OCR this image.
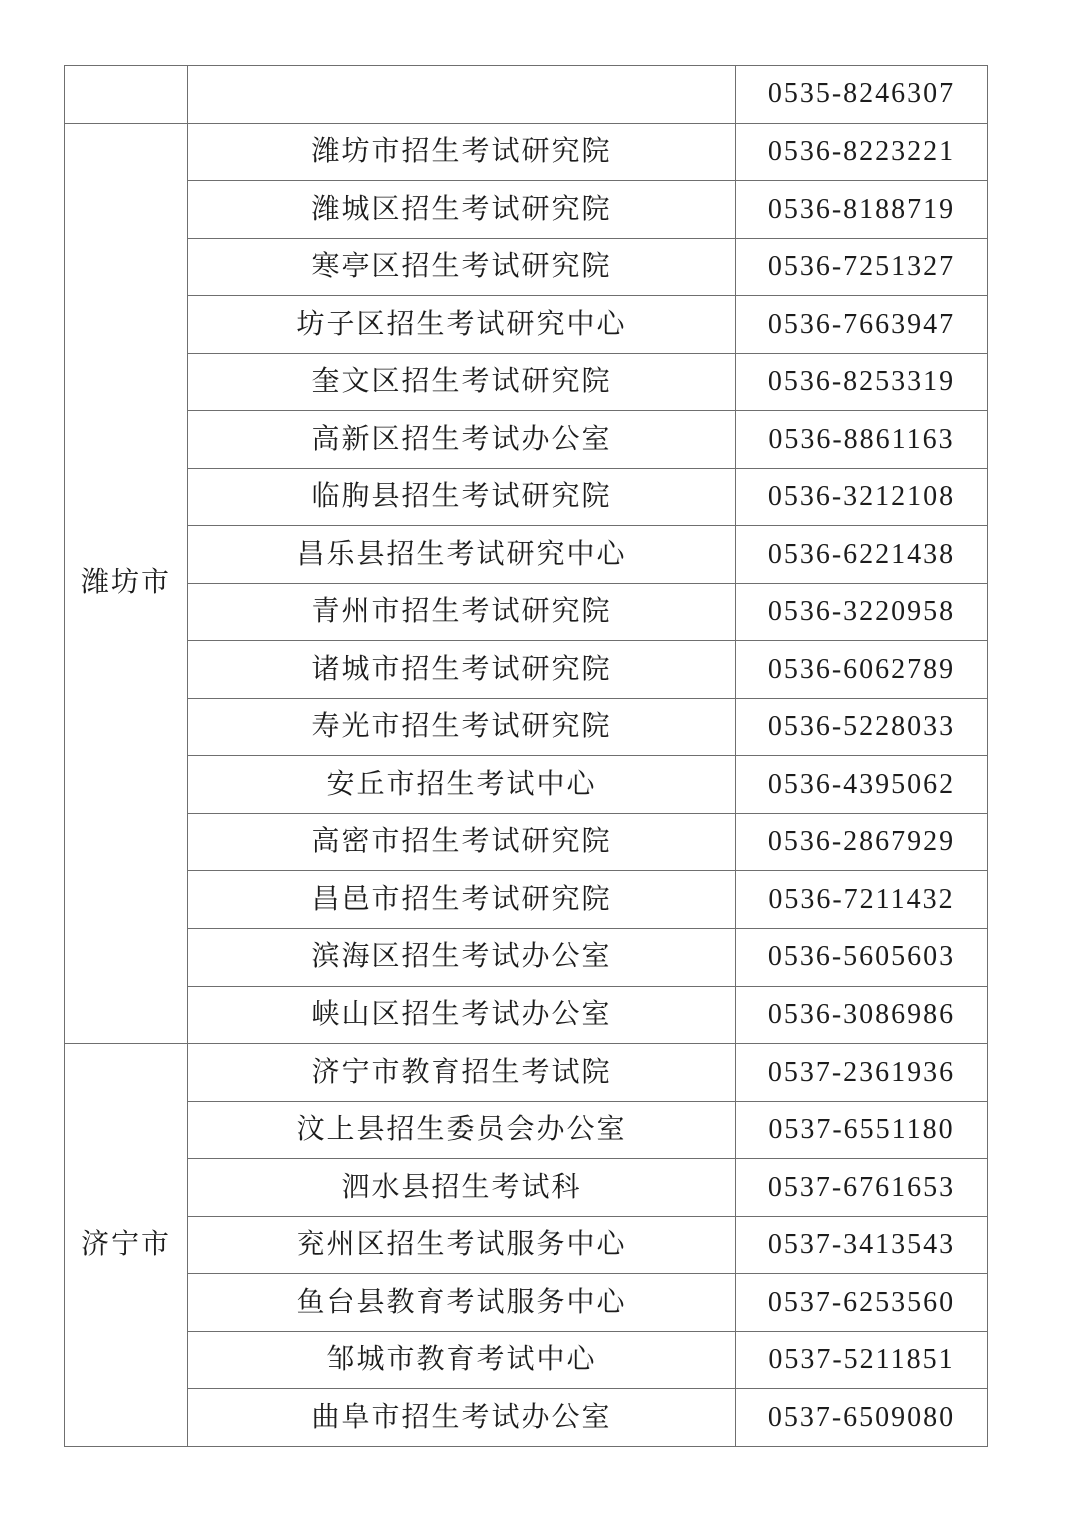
		0535-8246307
潍坊市	潍坊市招生考试研究院	0536-8223221
	潍城区招生考试研究院	0536-8188719
	寒亭区招生考试研究院	0536-7251327
	坊子区招生考试研究中心	0536-7663947
	奎文区招生考试研究院	0536-8253319
	高新区招生考试办公室	0536-8861163
	临朐县招生考试研究院	0536-3212108
	昌乐县招生考试研究中心	0536-6221438
	青州市招生考试研究院	0536-3220958
	诸城市招生考试研究院	0536-6062789
	寿光市招生考试研究院	0536-5228033
	安丘市招生考试中心	0536-4395062
	高密市招生考试研究院	0536-2867929
	昌邑市招生考试研究院	0536-7211432
	滨海区招生考试办公室	0536-5605603
	峡山区招生考试办公室	0536-3086986
济宁市	济宁市教育招生考试院	0537-2361936
	汶上县招生委员会办公室	0537-6551180
	泗水县招生考试科	0537-6761653
	兖州区招生考试服务中心	0537-3413543
	鱼台县教育考试服务中心	0537-6253560
	邹城市教育考试中心	0537-5211851
	曲阜市招生考试办公室	0537-6509080
